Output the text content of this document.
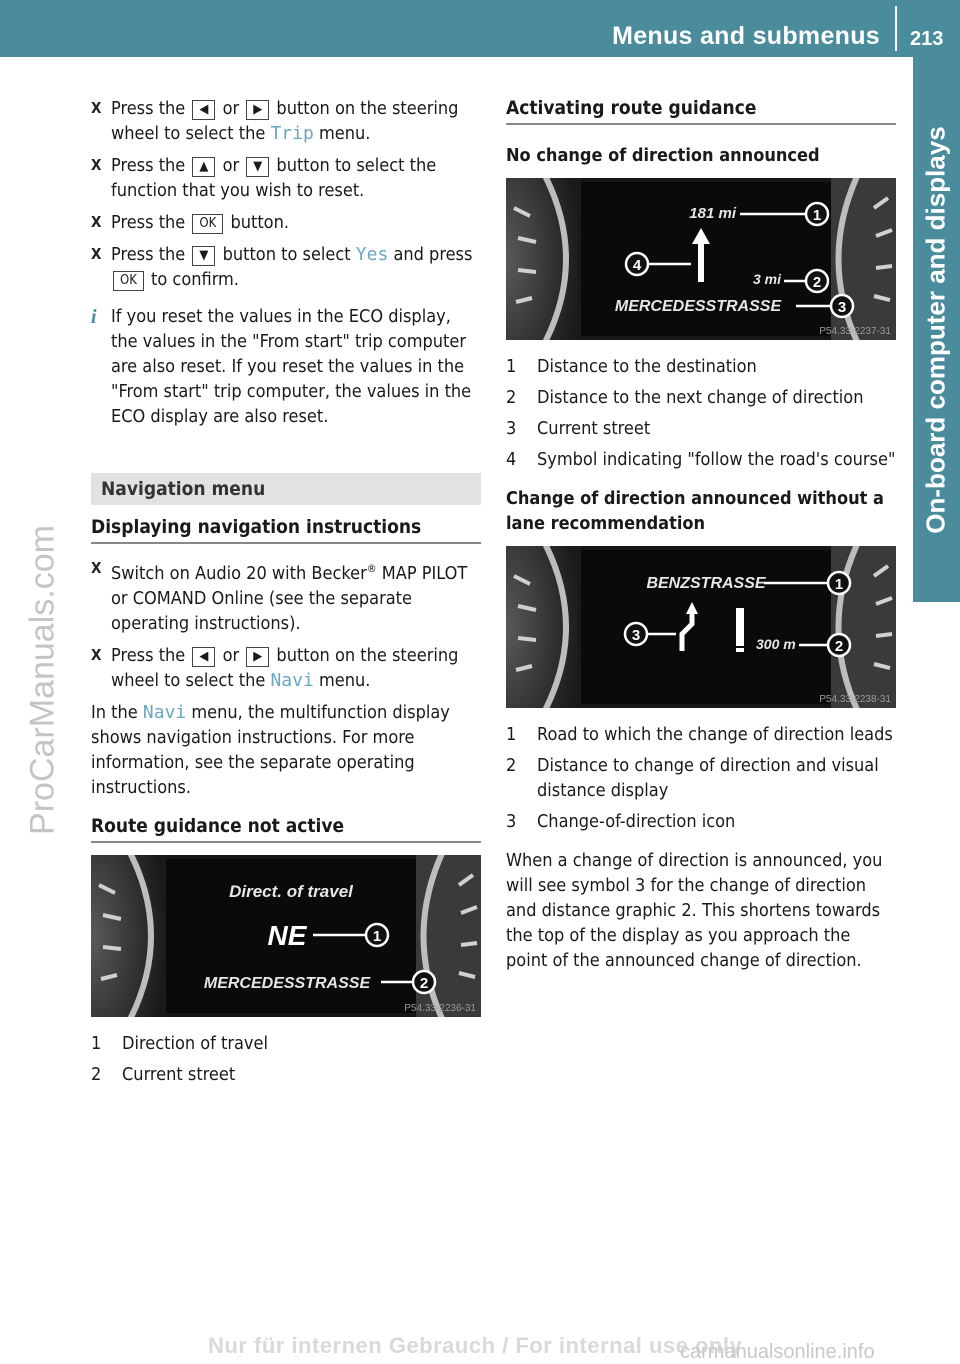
Menus and submenus 213
On-board computer and displays
ProCarManuals.com
X Press the ◀ or ▶ button on the steering wheel to select the Trip menu.
X Press the ▲ or ▼ button to select the function that you wish to reset.
X Press the OK button.
X Press the ▼ button to select Yes and press OK to confirm.
i If you reset the values in the ECO display, the values in the "From start" trip computer are also reset. If you reset the values in the "From start" trip computer, the values in the ECO display are also reset.
Navigation menu
Displaying navigation instructions
X Switch on Audio 20 with Becker® MAP PILOT or COMAND Online (see the separate operating instructions).
X Press the ◀ or ▶ button on the steering wheel to select the Navi menu.
In the Navi menu, the multifunction display shows navigation instructions. For more information, see the separate operating instructions.
Route guidance not active
Direct. of travel
NE
MERCEDESSTRASSE
1
2
P54.33-2236-31
1 Direction of travel
2 Current street
Activating route guidance
No change of direction announced
181 mi	1
4
3 mi 2
MERCEDESSTRASSE	3
P54.33-2237-31
1 Distance to the destination
2 Distance to the next change of direction
3 Current street
4 Symbol indicating "follow the road's course"
Change of direction announced without a lane recommendation
BENZSTRASSE	1
3	300 m	2
P54.33-2238-31
1 Road to which the change of direction leads
2 Distance to change of direction and visual distance display
3 Change-of-direction icon
When a change of direction is announced, you will see symbol 3 for the change of direction and distance graphic 2. This shortens towards the top of the display as you approach the point of the announced change of direction.
Nur für internen Gebrauch / For internal use only
carmanualsonline.info
